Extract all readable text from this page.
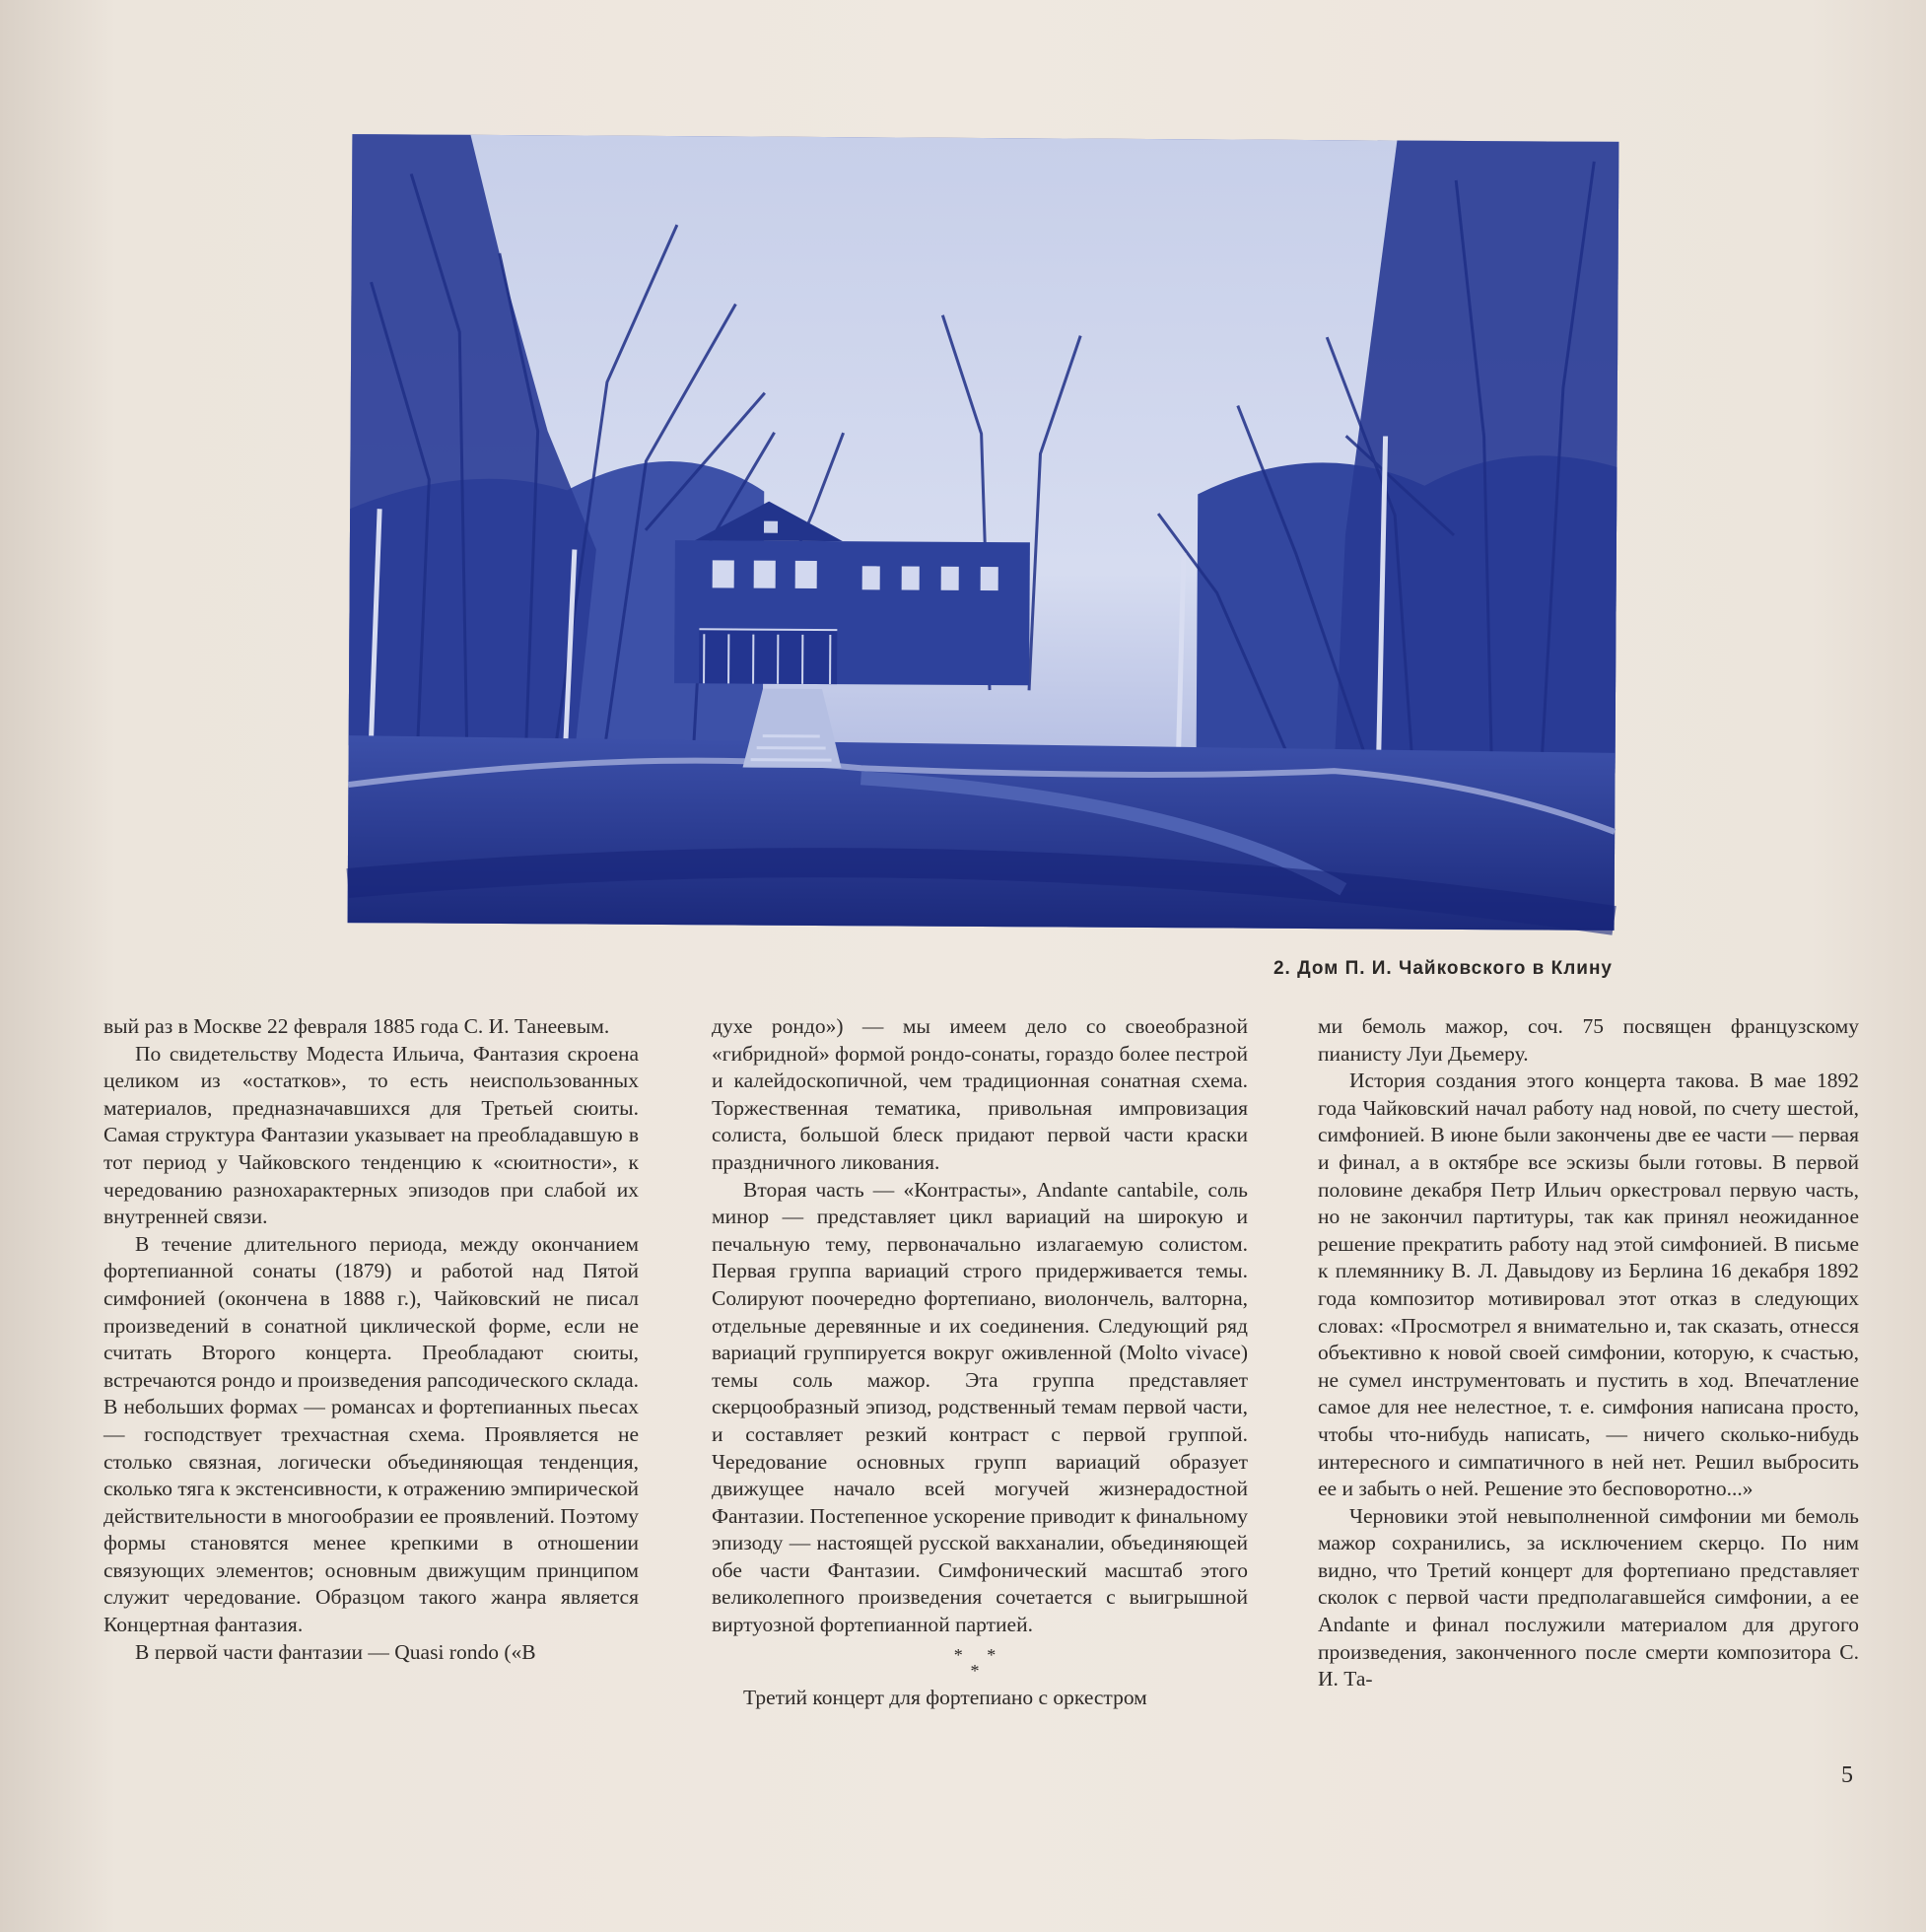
2. Дом П. И. Чайковского в Клину

вый раз в Москве 22 февраля 1885 года С. И. Танеевым.

По свидетельству Модеста Ильича, Фантазия скроена целиком из «остатков», то есть неиспользованных материалов, предназначавшихся для Третьей сюиты. Самая структура Фантазии указывает на преобладавшую в тот период у Чайковского тенденцию к «сюитности», к чередованию разнохарактерных эпизодов при слабой их внутренней связи.

В течение длительного периода, между окончанием фортепианной сонаты (1879) и работой над Пятой симфонией (окончена в 1888 г.), Чайковский не писал произведений в сонатной циклической форме, если не считать Второго концерта. Преобладают сюиты, встречаются рондо и произведения рапсодического склада. В небольших формах — романсах и фортепианных пьесах — господствует трехчастная схема. Проявляется не столько связная, логически объединяющая тенденция, сколько тяга к экстенсивности, к отражению эмпирической действительности в многообразии ее проявлений. Поэтому формы становятся менее крепкими в отношении связующих элементов; основным движущим принципом служит чередование. Образцом такого жанра является Концертная фантазия.

В первой части фантазии — Quasi rondo («В

духе рондо») — мы имеем дело со своеобразной «гибридной» формой рондо-сонаты, гораздо более пестрой и калейдоскопичной, чем традиционная сонатная схема. Торжественная тематика, привольная импровизация солиста, большой блеск придают первой части краски праздничного ликования.

Вторая часть — «Контрасты», Andante cantabile, соль минор — представляет цикл вариаций на широкую и печальную тему, первоначально излагаемую солистом. Первая группа вариаций строго придерживается темы. Солируют поочередно фортепиано, виолончель, валторна, отдельные деревянные и их соединения. Следующий ряд вариаций группируется вокруг оживленной (Molto vivace) темы соль мажор. Эта группа представляет скерцообразный эпизод, родственный темам первой части, и составляет резкий контраст с первой группой. Чередование основных групп вариаций образует движущее начало всей могучей жизнерадостной Фантазии. Постепенное ускорение приводит к финальному эпизоду — настоящей русской вакханалии, объединяющей обе части Фантазии. Симфонический масштаб этого великолепного произведения сочетается с выигрышной виртуозной фортепианной партией.

* *
*

Третий концерт для фортепиано с оркестром

ми бемоль мажор, соч. 75 посвящен французскому пианисту Луи Дьемеру.

История создания этого концерта такова. В мае 1892 года Чайковский начал работу над новой, по счету шестой, симфонией. В июне были закончены две ее части — первая и финал, а в октябре все эскизы были готовы. В первой половине декабря Петр Ильич оркестровал первую часть, но не закончил партитуры, так как принял неожиданное решение прекратить работу над этой симфонией. В письме к племяннику В. Л. Давыдову из Берлина 16 декабря 1892 года композитор мотивировал этот отказ в следующих словах: «Просмотрел я внимательно и, так сказать, отнесся объективно к новой своей симфонии, которую, к счастью, не сумел инструментовать и пустить в ход. Впечатление самое для нее нелестное, т. е. симфония написана просто, чтобы что-нибудь написать, — ничего сколько-нибудь интересного и симпатичного в ней нет. Решил выбросить ее и забыть о ней. Решение это бесповоротно...»

Черновики этой невыполненной симфонии ми бемоль мажор сохранились, за исключением скерцо. По ним видно, что Третий концерт для фортепиано представляет сколок с первой части предполагавшейся симфонии, а ее Andante и финал послужили материалом для другого произведения, законченного после смерти композитора С. И. Та-

5
